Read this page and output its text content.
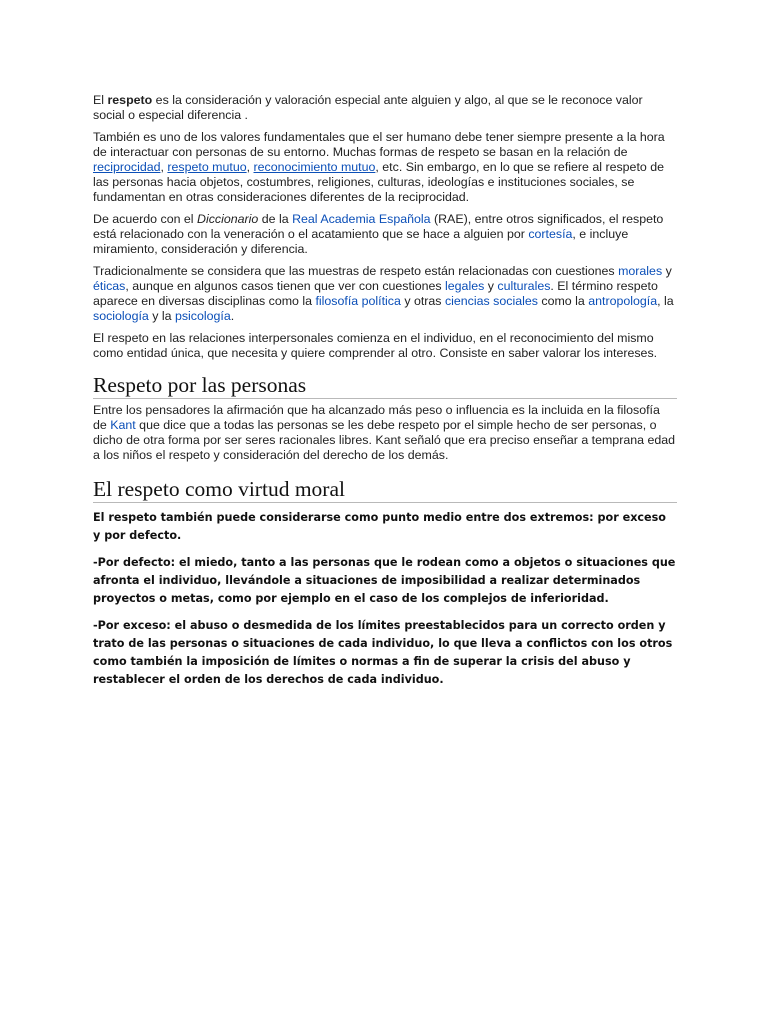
El respeto es la consideración y valoración especial ante alguien y algo, al que se le reconoce valor social o especial diferencia .

También es uno de los valores fundamentales que el ser humano debe tener siempre presente a la hora de interactuar con personas de su entorno. Muchas formas de respeto se basan en la relación de reciprocidad, respeto mutuo, reconocimiento mutuo, etc. Sin embargo, en lo que se refiere al respeto de las personas hacia objetos, costumbres, religiones, culturas, ideologías e instituciones sociales, se fundamentan en otras consideraciones diferentes de la reciprocidad.

De acuerdo con el Diccionario de la Real Academia Española (RAE), entre otros significados, el respeto está relacionado con la veneración o el acatamiento que se hace a alguien por cortesía, e incluye miramiento, consideración y diferencia.

Tradicionalmente se considera que las muestras de respeto están relacionadas con cuestiones morales y éticas, aunque en algunos casos tienen que ver con cuestiones legales y culturales. El término respeto aparece en diversas disciplinas como la filosofía política y otras ciencias sociales como la antropología, la sociología y la psicología.

El respeto en las relaciones interpersonales comienza en el individuo, en el reconocimiento del mismo como entidad única, que necesita y quiere comprender al otro. Consiste en saber valorar los intereses.

Respeto por las personas

Entre los pensadores la afirmación que ha alcanzado más peso o influencia es la incluida en la filosofía de Kant que dice que a todas las personas se les debe respeto por el simple hecho de ser personas, o dicho de otra forma por ser seres racionales libres. Kant señaló que era preciso enseñar a temprana edad a los niños el respeto y consideración del derecho de los demás.

El respeto como virtud moral

El respeto también puede considerarse como punto medio entre dos extremos: por exceso y por defecto.

-Por defecto: el miedo, tanto a las personas que le rodean como a objetos o situaciones que afronta el individuo, llevándole a situaciones de imposibilidad a realizar determinados proyectos o metas, como por ejemplo en el caso de los complejos de inferioridad.

-Por exceso: el abuso o desmedida de los límites preestablecidos para un correcto orden y trato de las personas o situaciones de cada individuo, lo que lleva a conflictos con los otros como también la imposición de límites o normas a fin de superar la crisis del abuso y restablecer el orden de los derechos de cada individuo.
